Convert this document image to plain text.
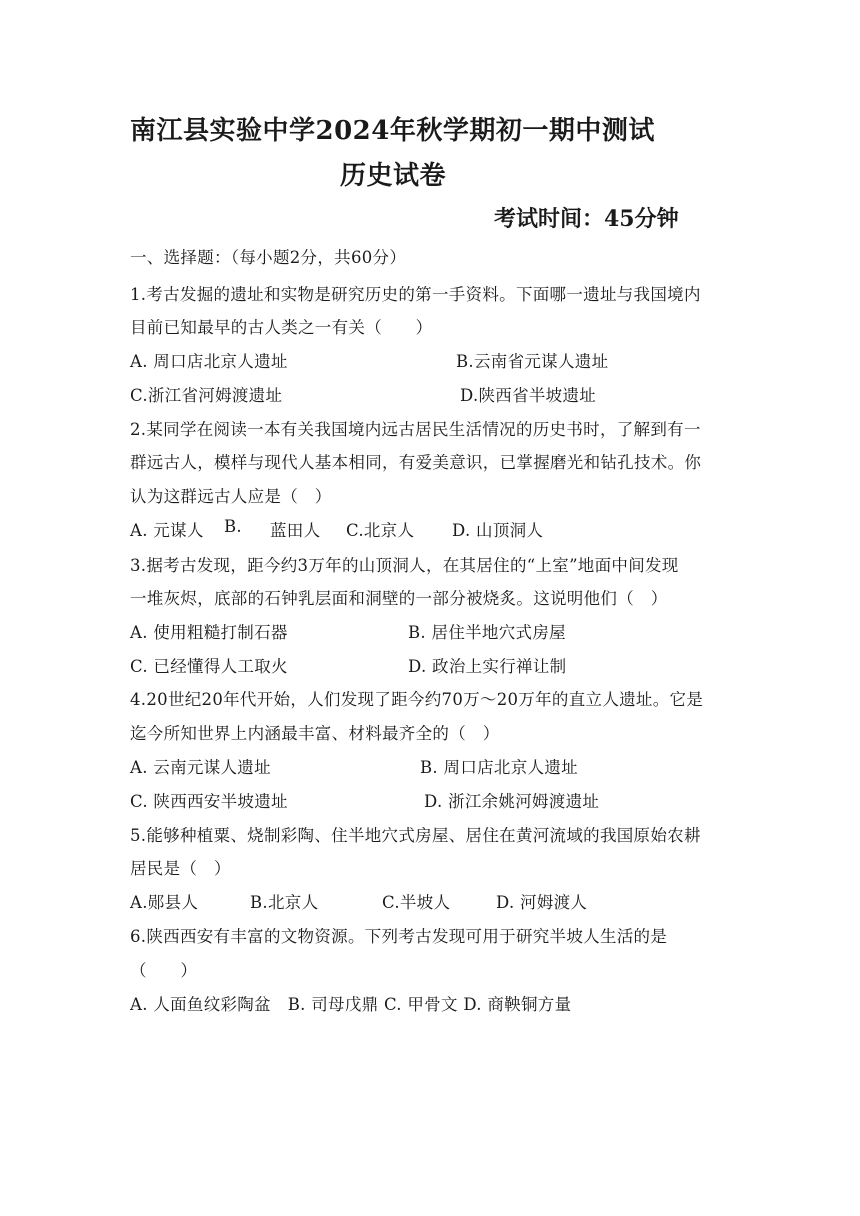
南江县实验中学2024年秋学期初一期中测试
历史试卷
考试时间：45分钟
一、选择题：（每小题2分，共60分）
1.考古发掘的遗址和实物是研究历史的第一手资料。下面哪一遗址与我国境内
目前已知最早的古人类之一有关（　　）
A. 周口店北京人遗址	B.云南省元谋人遗址
C.浙江省河姆渡遗址	D.陕西省半坡遗址
2.某同学在阅读一本有关我国境内远古居民生活情况的历史书时，了解到有一
群远古人，模样与现代人基本相同，有爱美意识，已掌握磨光和钻孔技术。你
认为这群远古人应是（　）
A. 元谋人 B. 蓝田人 C.北京人 D. 山顶洞人
3.据考古发现，距今约3万年的山顶洞人，在其居住的“上室”地面中间发现
一堆灰烬，底部的石钟乳层面和洞壁的一部分被烧炙。这说明他们（　）
A. 使用粗糙打制石器	B. 居住半地穴式房屋
C. 已经懂得人工取火	D. 政治上实行禅让制
4.20世纪20年代开始，人们发现了距今约70万～20万年的直立人遗址。它是
迄今所知世界上内涵最丰富、材料最齐全的（　）
A. 云南元谋人遗址	B. 周口店北京人遗址
C. 陕西西安半坡遗址	D. 浙江余姚河姆渡遗址
5.能够种植粟、烧制彩陶、住半地穴式房屋、居住在黄河流域的我国原始农耕
居民是（　）
A.郧县人	B.北京人	C.半坡人	D. 河姆渡人
6.陕西西安有丰富的文物资源。下列考古发现可用于研究半坡人生活的是
（　　）
A. 人面鱼纹彩陶盆　B. 司母戊鼎 C. 甲骨文 D. 商鞅铜方量
